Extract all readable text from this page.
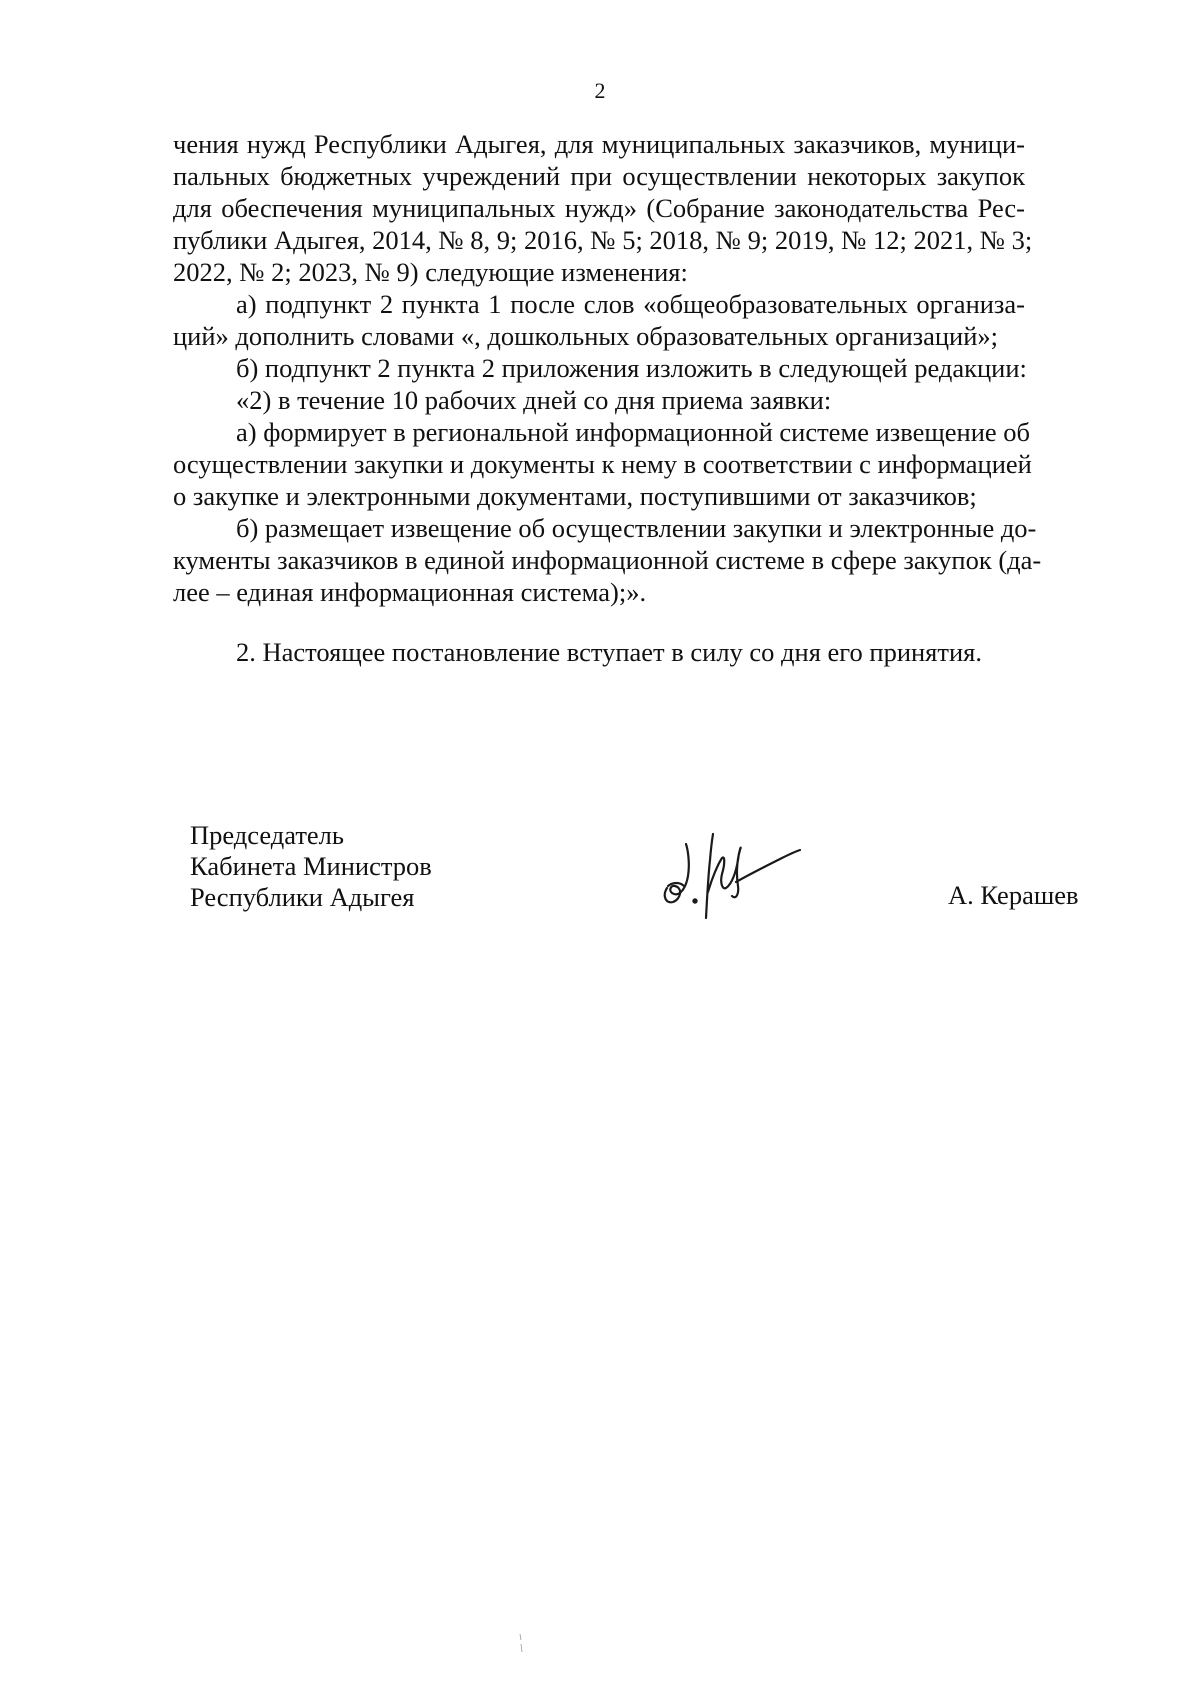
2
чения нужд Республики Адыгея, для муниципальных заказчиков, муници-
пальных бюджетных учреждений при осуществлении некоторых закупок
для обеспечения муниципальных нужд» (Собрание законодательства Рес-
публики Адыгея, 2014, № 8, 9; 2016, № 5; 2018, № 9; 2019, № 12; 2021, № 3;
2022, № 2; 2023, № 9) следующие изменения:
а) подпункт 2 пункта 1 после слов «общеобразовательных организа-
ций» дополнить словами «, дошкольных образовательных организаций»;
б) подпункт 2 пункта 2 приложения изложить в следующей редакции:
«2) в течение 10 рабочих дней со дня приема заявки:
а) формирует в региональной информационной системе извещение об
осуществлении закупки и документы к нему в соответствии с информацией
о закупке и электронными документами, поступившими от заказчиков;
б) размещает извещение об осуществлении закупки и электронные до-
кументы заказчиков в единой информационной системе в сфере закупок (да-
лее – единая информационная система);».
2. Настоящее постановление вступает в силу со дня его принятия.
Председатель
Кабинета Министров
Республики Адыгея	А. Керашев
